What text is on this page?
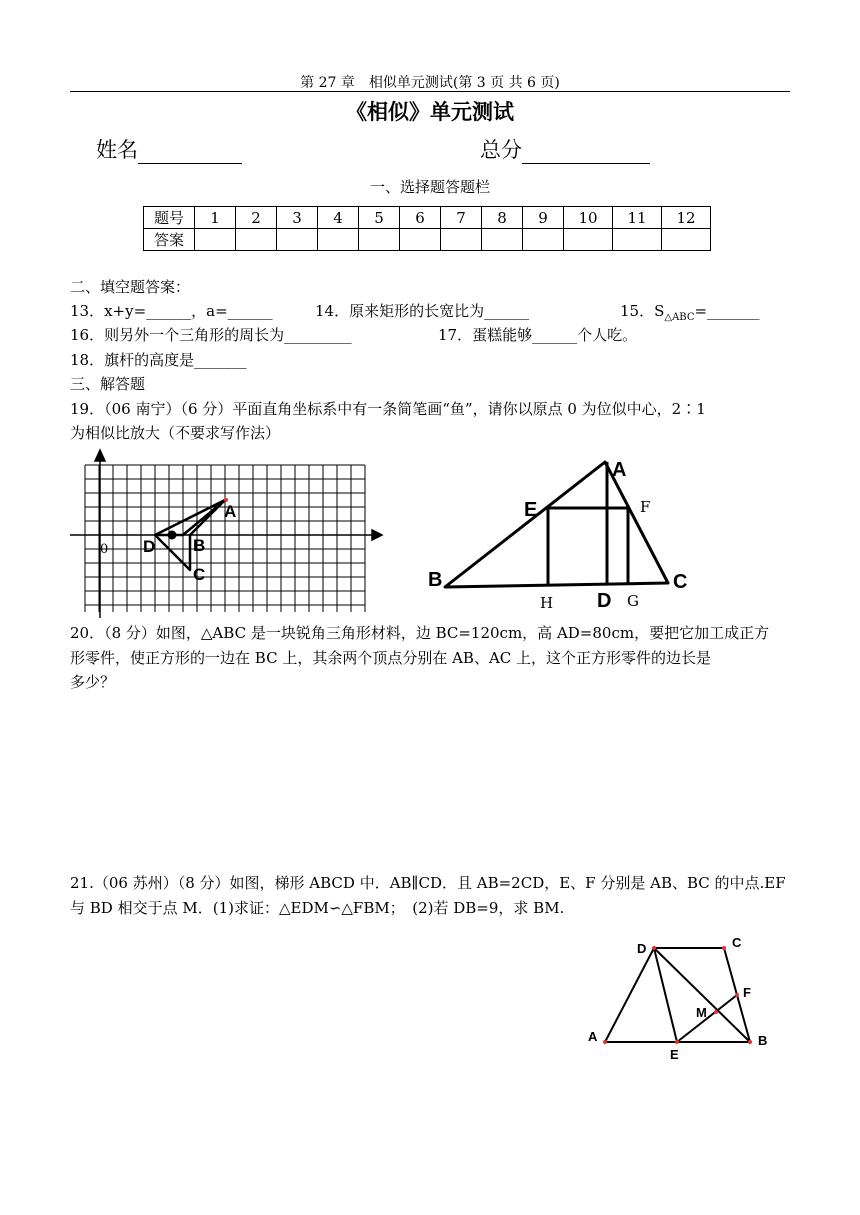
第 27 章　相似单元测试(第 3 页 共 6 页)
《相似》单元测试
姓名	总分
一、选择题答题栏
题号	1	2	3	4	5	6	7	8	9	10	11	12
答案												
二、填空题答案：
13．x+y=______，a=______	14．原来矩形的长宽比为______	15．$S_{\triangle ABC}=\_\_\_\_\_\_\_$
16．则另外一个三角形的周长为_________	17．蛋糕能够______个人吃。
18．旗杆的高度是_______
三、解答题
19．（06 南宁）（6 分）平面直角坐标系中有一条简笔画“鱼”，请你以原点 0 为位似中心，2∶1
为相似比放大（不要求写作法）
0
A
B
C
D
A
B	C
D
E	F
G
H
20．（8 分）如图，△ABC 是一块锐角三角形材料，边 BC=120cm，高 AD=80cm，要把它加工成正方
形零件，使正方形的一边在 BC 上，其余两个顶点分别在 AB、AC 上，这个正方形零件的边长是
多少？
21.（06 苏州）（8 分）如图，梯形 ABCD 中．AB∥CD．且 AB=2CD，E、F 分别是 AB、BC 的中点.EF
与 BD 相交于点 M．(1)求证：△EDM∽△FBM；　(2)若 DB=9，求 BM.
D	C
F
M
A
E
B
